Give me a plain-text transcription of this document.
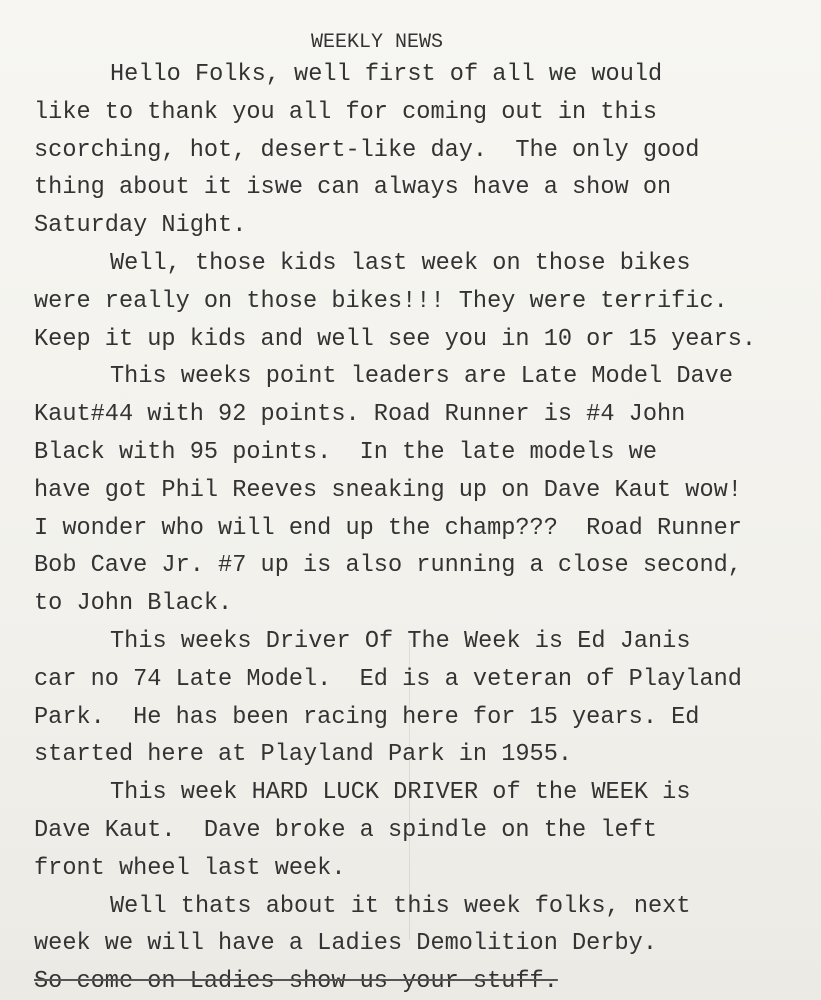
WEEKLY NEWS
Hello Folks, well first of all we would
like to thank you all for coming out in this
scorching, hot, desert-like day.  The only good
thing about it iswe can always have a show on
Saturday Night.
Well, those kids last week on those bikes
were really on those bikes!!! They were terrific.
Keep it up kids and well see you in 10 or 15 years.
This weeks point leaders are Late Model Dave
Kaut#44 with 92 points. Road Runner is #4 John
Black with 95 points.  In the late models we
have got Phil Reeves sneaking up on Dave Kaut wow!
I wonder who will end up the champ???  Road Runner
Bob Cave Jr. #7 up is also running a close second,
to John Black.
This weeks Driver Of The Week is Ed Janis
car no 74 Late Model.  Ed is a veteran of Playland
Park.  He has been racing here for 15 years. Ed
started here at Playland Park in 1955.
This week HARD LUCK DRIVER of the WEEK is
Dave Kaut.  Dave broke a spindle on the left
front wheel last week.
Well thats about it this week folks, next
week we will have a Ladies Demolition Derby.
So come on Ladies show us your stuff.
